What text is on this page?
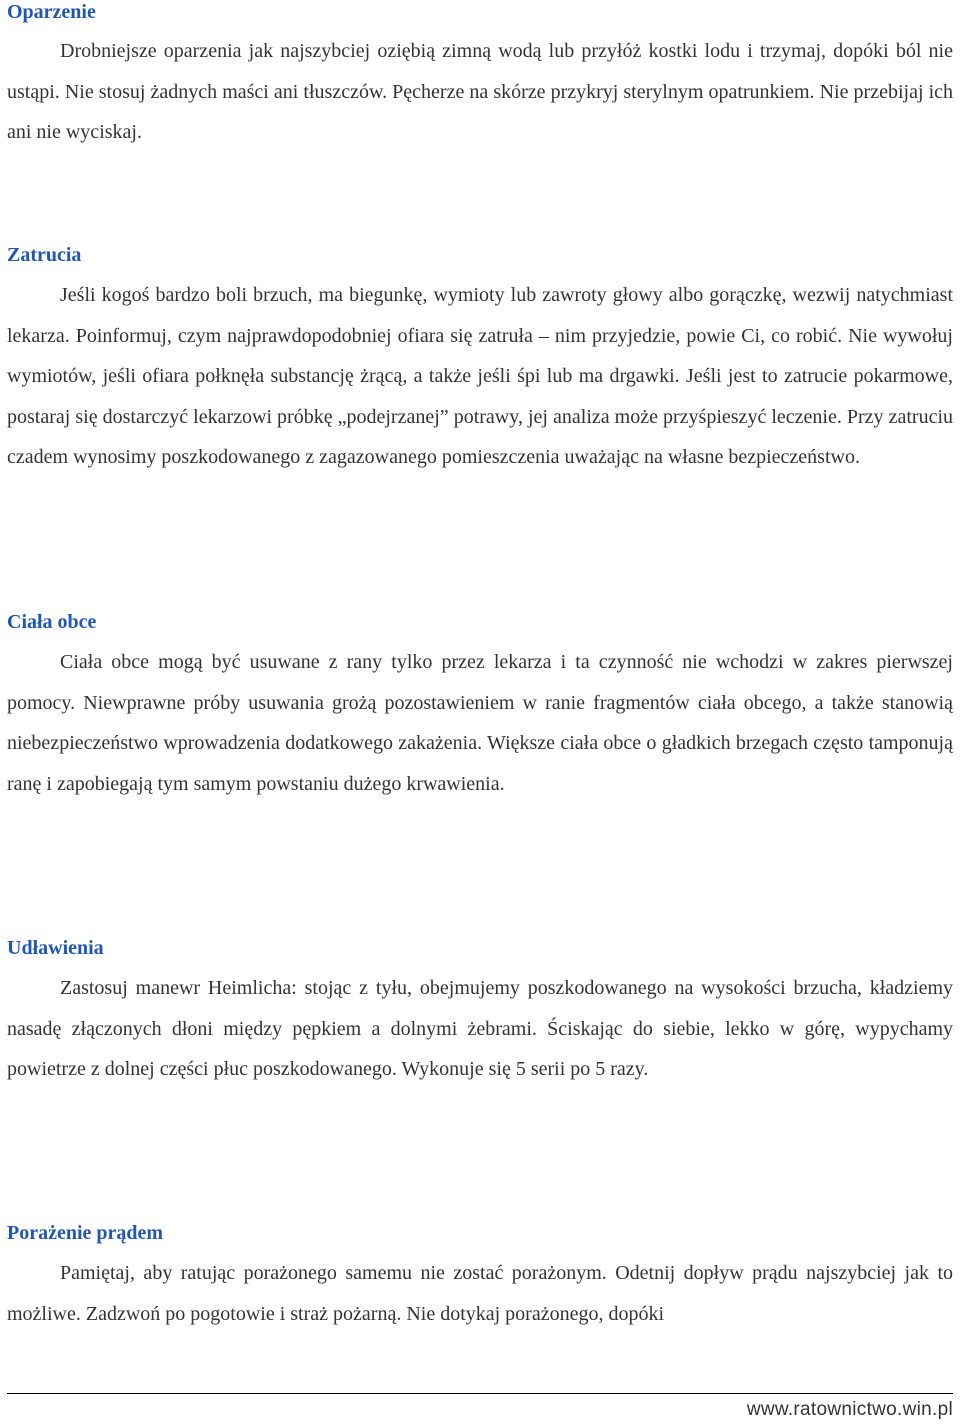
Oparzenie

Drobniejsze oparzenia jak najszybciej oziębią zimną wodą lub przyłóż kostki lodu i trzymaj, dopóki ból nie ustąpi. Nie stosuj żadnych maści ani tłuszczów. Pęcherze na skórze przykryj sterylnym opatrunkiem. Nie przebijaj ich ani nie wyciskaj.

Zatrucia

Jeśli kogoś bardzo boli brzuch, ma biegunkę, wymioty lub zawroty głowy albo gorączkę, wezwij natychmiast lekarza. Poinformuj, czym najprawdopodobniej ofiara się zatruła – nim przyjedzie, powie Ci, co robić. Nie wywołuj wymiotów, jeśli ofiara połknęła substancję żrącą, a także jeśli śpi lub ma drgawki. Jeśli jest to zatrucie pokarmowe, postaraj się dostarczyć lekarzowi próbkę „podejrzanej” potrawy, jej analiza może przyśpieszyć leczenie. Przy zatruciu czadem wynosimy poszkodowanego z zagazowanego pomieszczenia uważając na własne bezpieczeństwo.

Ciała obce

Ciała obce mogą być usuwane z rany tylko przez lekarza i ta czynność nie wchodzi w zakres pierwszej pomocy. Niewprawne próby usuwania grożą pozostawieniem w ranie fragmentów ciała obcego, a także stanowią niebezpieczeństwo wprowadzenia dodatkowego zakażenia. Większe ciała obce o gładkich brzegach często tamponują ranę i zapobiegają tym samym powstaniu dużego krwawienia.

Udławienia

Zastosuj manewr Heimlicha: stojąc z tyłu, obejmujemy poszkodowanego na wysokości brzucha, kładziemy nasadę złączonych dłoni między pępkiem a dolnymi żebrami. Ściskając do siebie, lekko w górę, wypychamy powietrze z dolnej części płuc poszkodowanego. Wykonuje się 5 serii po 5 razy.

Porażenie prądem

Pamiętaj, aby ratując porażonego samemu nie zostać porażonym. Odetnij dopływ prądu najszybciej jak to możliwe. Zadzwoń po pogotowie i straż pożarną. Nie dotykaj porażonego, dopóki

www.ratownictwo.win.pl
